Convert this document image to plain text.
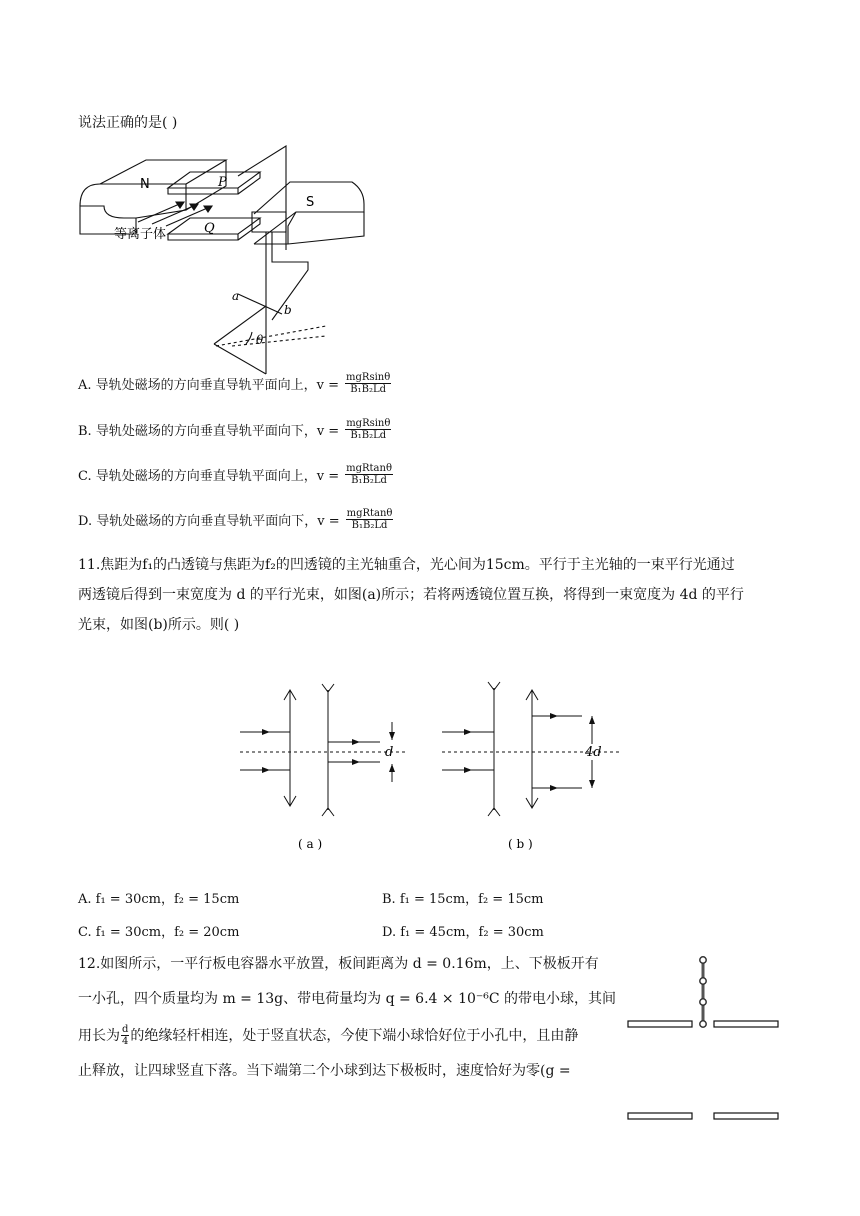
说法正确的是( )
N
S
P
Q
等离子体
a
b
θ
A. 导轨处磁场的方向垂直导轨平面向上，$v = \frac{\text{mgRsinθ}}{\text{B₁B₂Ld}}$
B. 导轨处磁场的方向垂直导轨平面向下，$v = \frac{\text{mgRsinθ}}{\text{B₁B₂Ld}}$
C. 导轨处磁场的方向垂直导轨平面向上，$v = \frac{\text{mgRtanθ}}{\text{B₁B₂Ld}}$
D. 导轨处磁场的方向垂直导轨平面向下，$v = \frac{\text{mgRtanθ}}{\text{B₁B₂Ld}}$
11.焦距为f₁的凸透镜与焦距为f₂的凹透镜的主光轴重合，光心间为15cm。平行于主光轴的一束平行光通过
两透镜后得到一束宽度为 d 的平行光束，如图(a)所示；若将两透镜位置互换，将得到一束宽度为 4d 的平行
光束，如图(b)所示。则( )
d	4d
( a )	( b )
A. f₁ = 30cm，f₂ = 15cm	B. f₁ = 15cm，f₂ = 15cm
C. f₁ = 30cm，f₂ = 20cm	D. f₁ = 45cm，f₂ = 30cm
12.如图所示，一平行板电容器水平放置，板间距离为 d = 0.16m，上、下极板开有
一小孔，四个质量均为 m = 13g、带电荷量均为 q = 6.4 × 10⁻⁶C 的带电小球，其间
用长为 $\frac{d}{4}$ 的绝缘轻杆相连，处于竖直状态，今使下端小球恰好位于小孔中，且由静
止释放，让四球竖直下落。当下端第二个小球到达下极板时，速度恰好为零(g =
